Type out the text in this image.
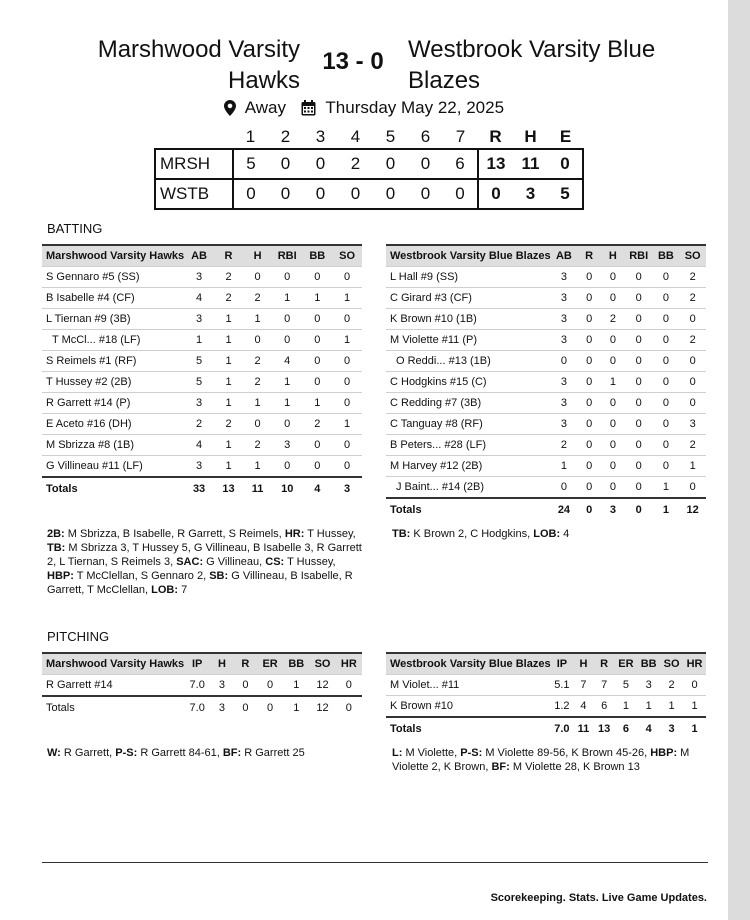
Marshwood Varsity
Hawks
13 - 0	Westbrook Varsity Blue
Blazes
Away Thursday May 22, 2025
	1	2	3	4	5	6	7	R	H	E
MRSH	5	0	0	2	0	0	6	13	11	0
WSTB	0	0	0	0	0	0	0	0	3	5
BATTING
Marshwood Varsity Hawks	AB	R	H	RBI	BB	SO
S Gennaro #5 (SS)	3	2	0	0	0	0
B Isabelle #4 (CF)	4	2	2	1	1	1
L Tiernan #9 (3B)	3	1	1	0	0	0
T McCl... #18 (LF)	1	1	0	0	0	1
S Reimels #1 (RF)	5	1	2	4	0	0
T Hussey #2 (2B)	5	1	2	1	0	0
R Garrett #14 (P)	3	1	1	1	1	0
E Aceto #16 (DH)	2	2	0	0	2	1
M Sbrizza #8 (1B)	4	1	2	3	0	0
G Villineau #11 (LF)	3	1	1	0	0	0
Totals	33	13	11	10	4	3
Westbrook Varsity Blue Blazes	AB	R	H	RBI	BB	SO
L Hall #9 (SS)	3	0	0	0	0	2
C Girard #3 (CF)	3	0	0	0	0	2
K Brown #10 (1B)	3	0	2	0	0	0
M Violette #11 (P)	3	0	0	0	0	2
O Reddi... #13 (1B)	0	0	0	0	0	0
C Hodgkins #15 (C)	3	0	1	0	0	0
C Redding #7 (3B)	3	0	0	0	0	0
C Tanguay #8 (RF)	3	0	0	0	0	3
B Peters... #28 (LF)	2	0	0	0	0	2
M Harvey #12 (2B)	1	0	0	0	0	1
J Baint... #14 (2B)	0	0	0	0	1	0
Totals	24	0	3	0	1	12
2B: M Sbrizza, B Isabelle, R Garrett, S Reimels, HR: T Hussey, TB: M Sbrizza 3, T Hussey 5, G Villineau, B Isabelle 3, R Garrett 2, L Tiernan, S Reimels 3, SAC: G Villineau, CS: T Hussey, HBP: T McClellan, S Gennaro 2, SB: G Villineau, B Isabelle, R Garrett, T McClellan, LOB: 7
TB: K Brown 2, C Hodgkins, LOB: 4
PITCHING
Marshwood Varsity Hawks	IP	H	R	ER	BB	SO	HR
R Garrett #14	7.0	3	0	0	1	12	0
Totals	7.0	3	0	0	1	12	0
Westbrook Varsity Blue Blazes	IP	H	R	ER	BB	SO	HR
M Violet... #11	5.1	7	7	5	3	2	0
K Brown #10	1.2	4	6	1	1	1	1
Totals	7.0	11	13	6	4	3	1
W: R Garrett, P-S: R Garrett 84-61, BF: R Garrett 25	L: M Violette, P-S: M Violette 89-56, K Brown 45-26, HBP: M Violette 2, K Brown, BF: M Violette 28, K Brown 13
Scorekeeping. Stats. Live Game Updates.
